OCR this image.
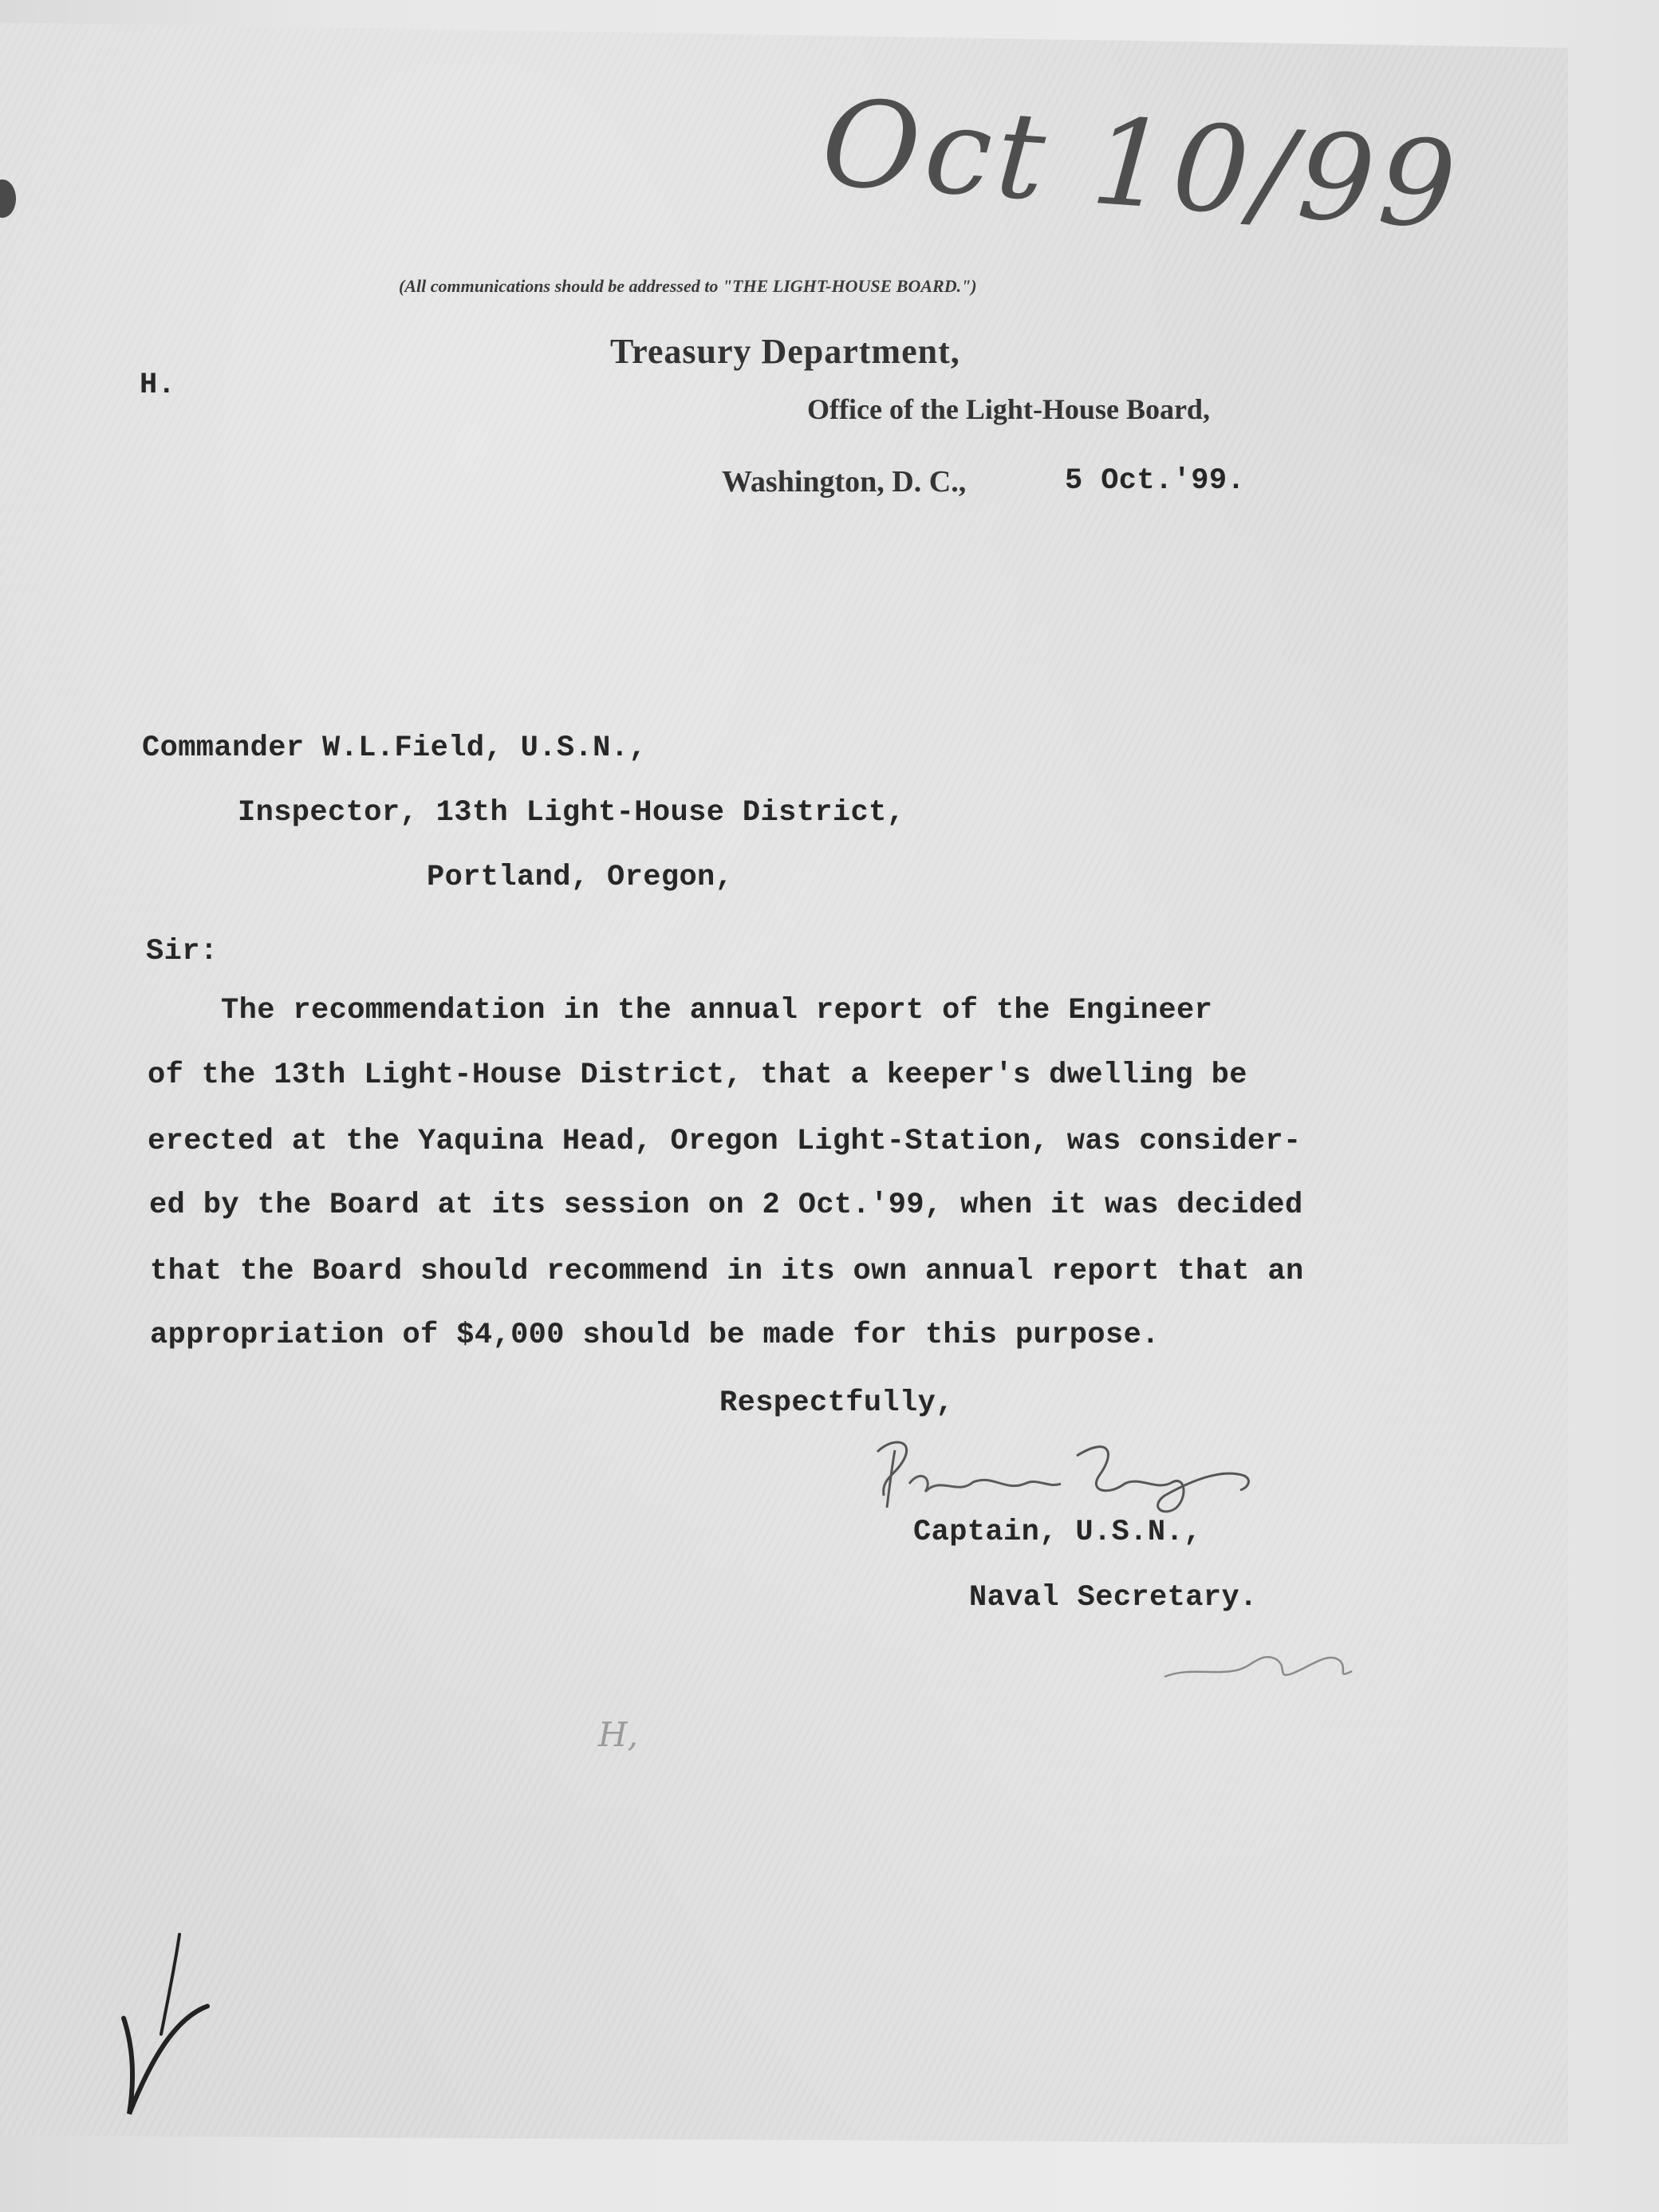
Oct 10/99
(All communications should be addressed to "THE LIGHT-HOUSE BOARD.")
Treasury Department,
H.
Office of the Light-House Board,
Washington, D. C.,	5 Oct.'99.
Commander W.L.Field, U.S.N.,
Inspector, 13th Light-House District,
Portland, Oregon,
Sir:
The recommendation in the annual report of the Engineer
of the 13th Light-House District, that a keeper's dwelling be
erected at the Yaquina Head, Oregon Light-Station, was consider-
ed by the Board at its session on 2 Oct.'99, when it was decided
that the Board should recommend in its own annual report that an
appropriation of $4,000 should be made for this purpose.
Respectfully,
Captain, U.S.N.,
Naval Secretary.
H,
